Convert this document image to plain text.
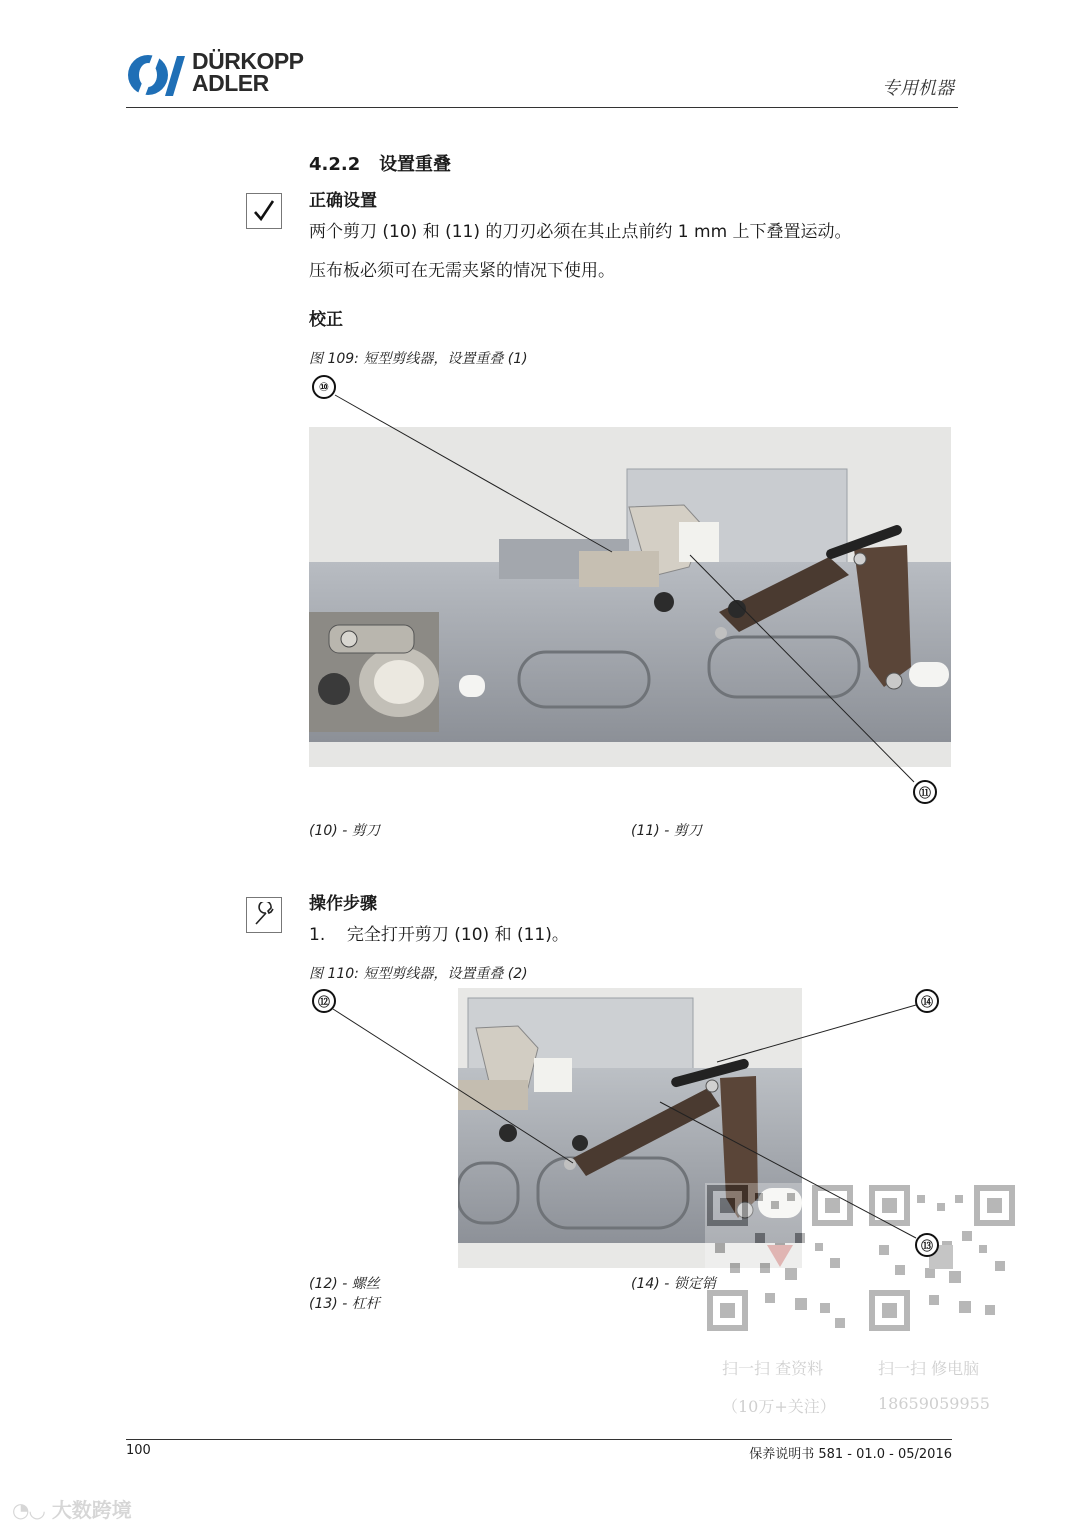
DÜRKOPP
ADLER	专用机器
4.2.2 设置重叠
正确设置
两个剪刀 (10) 和 (11) 的刀刃必须在其止点前约 1 mm 上下叠置运动。
压布板必须可在无需夹紧的情况下使用。
校正
图 109: 短型剪线器，设置重叠 (1)
⑩
⑪
(10) - 剪刀	(11) - 剪刀
操作步骤
1. 完全打开剪刀 (10) 和 (11)。
图 110: 短型剪线器，设置重叠 (2)
扫一扫 查资料
（10万+关注）
扫一扫 修电脑
18659059955
⑫	⑭
⑬
(12) - 螺丝
(13) - 杠杆
(14) - 锁定销
100	保养说明书 581 - 01.0 - 05/2016
◔◡ 大数跨境
